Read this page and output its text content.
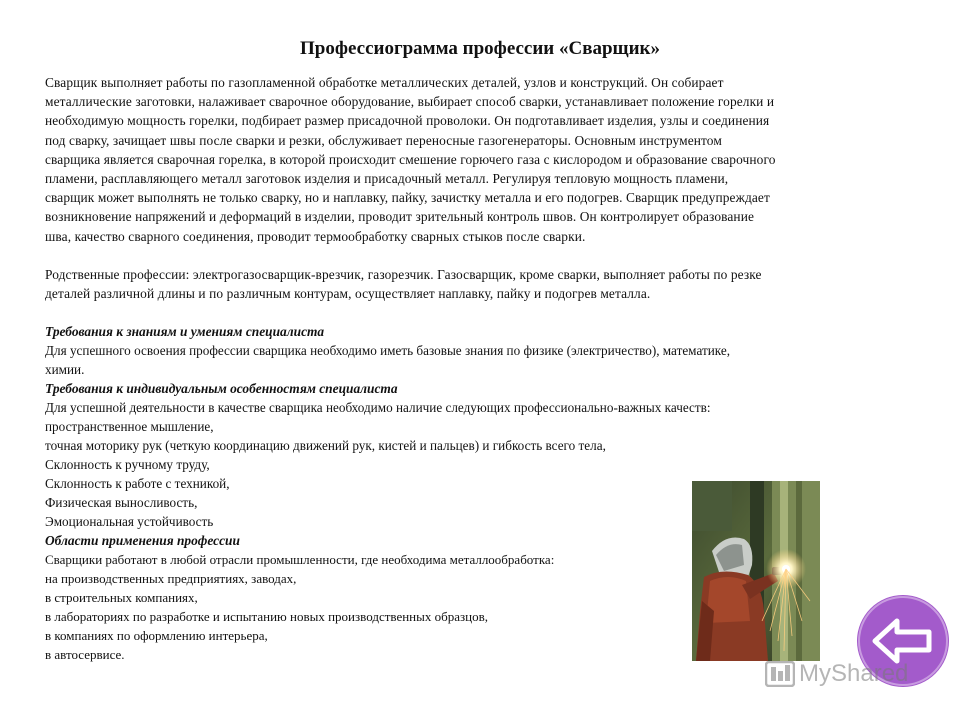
Профессиограмма профессии «Сварщик»
Сварщик выполняет работы по газопламенной обработке металлических деталей, узлов и конструкций. Он собирает
металлические заготовки, налаживает сварочное оборудование, выбирает способ сварки, устанавливает положение горелки и
необходимую мощность горелки, подбирает размер присадочной проволоки. Он подготавливает изделия, узлы и соединения
под сварку, зачищает швы после сварки и резки, обслуживает переносные газогенераторы. Основным инструментом
сварщика является сварочная горелка, в которой происходит смешение горючего газа с кислородом и образование сварочного
пламени, расплавляющего металл заготовок изделия и присадочный металл. Регулируя тепловую мощность пламени,
сварщик может выполнять не только сварку, но и наплавку, пайку, зачистку металла и его подогрев. Сварщик предупреждает
возникновение напряжений и деформаций в изделии, проводит зрительный контроль швов. Он контролирует образование
шва, качество сварного соединения, проводит термообработку сварных стыков после сварки.
Родственные профессии: электрогазосварщик-врезчик, газорезчик. Газосварщик, кроме сварки, выполняет работы по резке
деталей различной длины и по различным контурам, осуществляет наплавку, пайку и подогрев металла.
Требования к знаниям и умениям специалиста
Для успешного освоения профессии сварщика необходимо иметь базовые знания по физике (электричество), математике,
химии.
Требования к индивидуальным особенностям специалиста
Для успешной деятельности в качестве сварщика необходимо наличие следующих профессионально-важных качеств:
пространственное мышление,
точная моторику рук (четкую координацию движений рук, кистей и пальцев) и гибкость всего тела,
Склонность к ручному труду,
Склонность к работе с техникой,
Физическая выносливость,
Эмоциональная устойчивость
Области применения профессии
Сварщики работают в любой отрасли промышленности, где необходима металлообработка:
на производственных предприятиях, заводах,
в строительных компаниях,
в лабораториях по разработке и испытанию новых производственных образцов,
в компаниях по оформлению интерьера,
в автосервисе.
MyShared
